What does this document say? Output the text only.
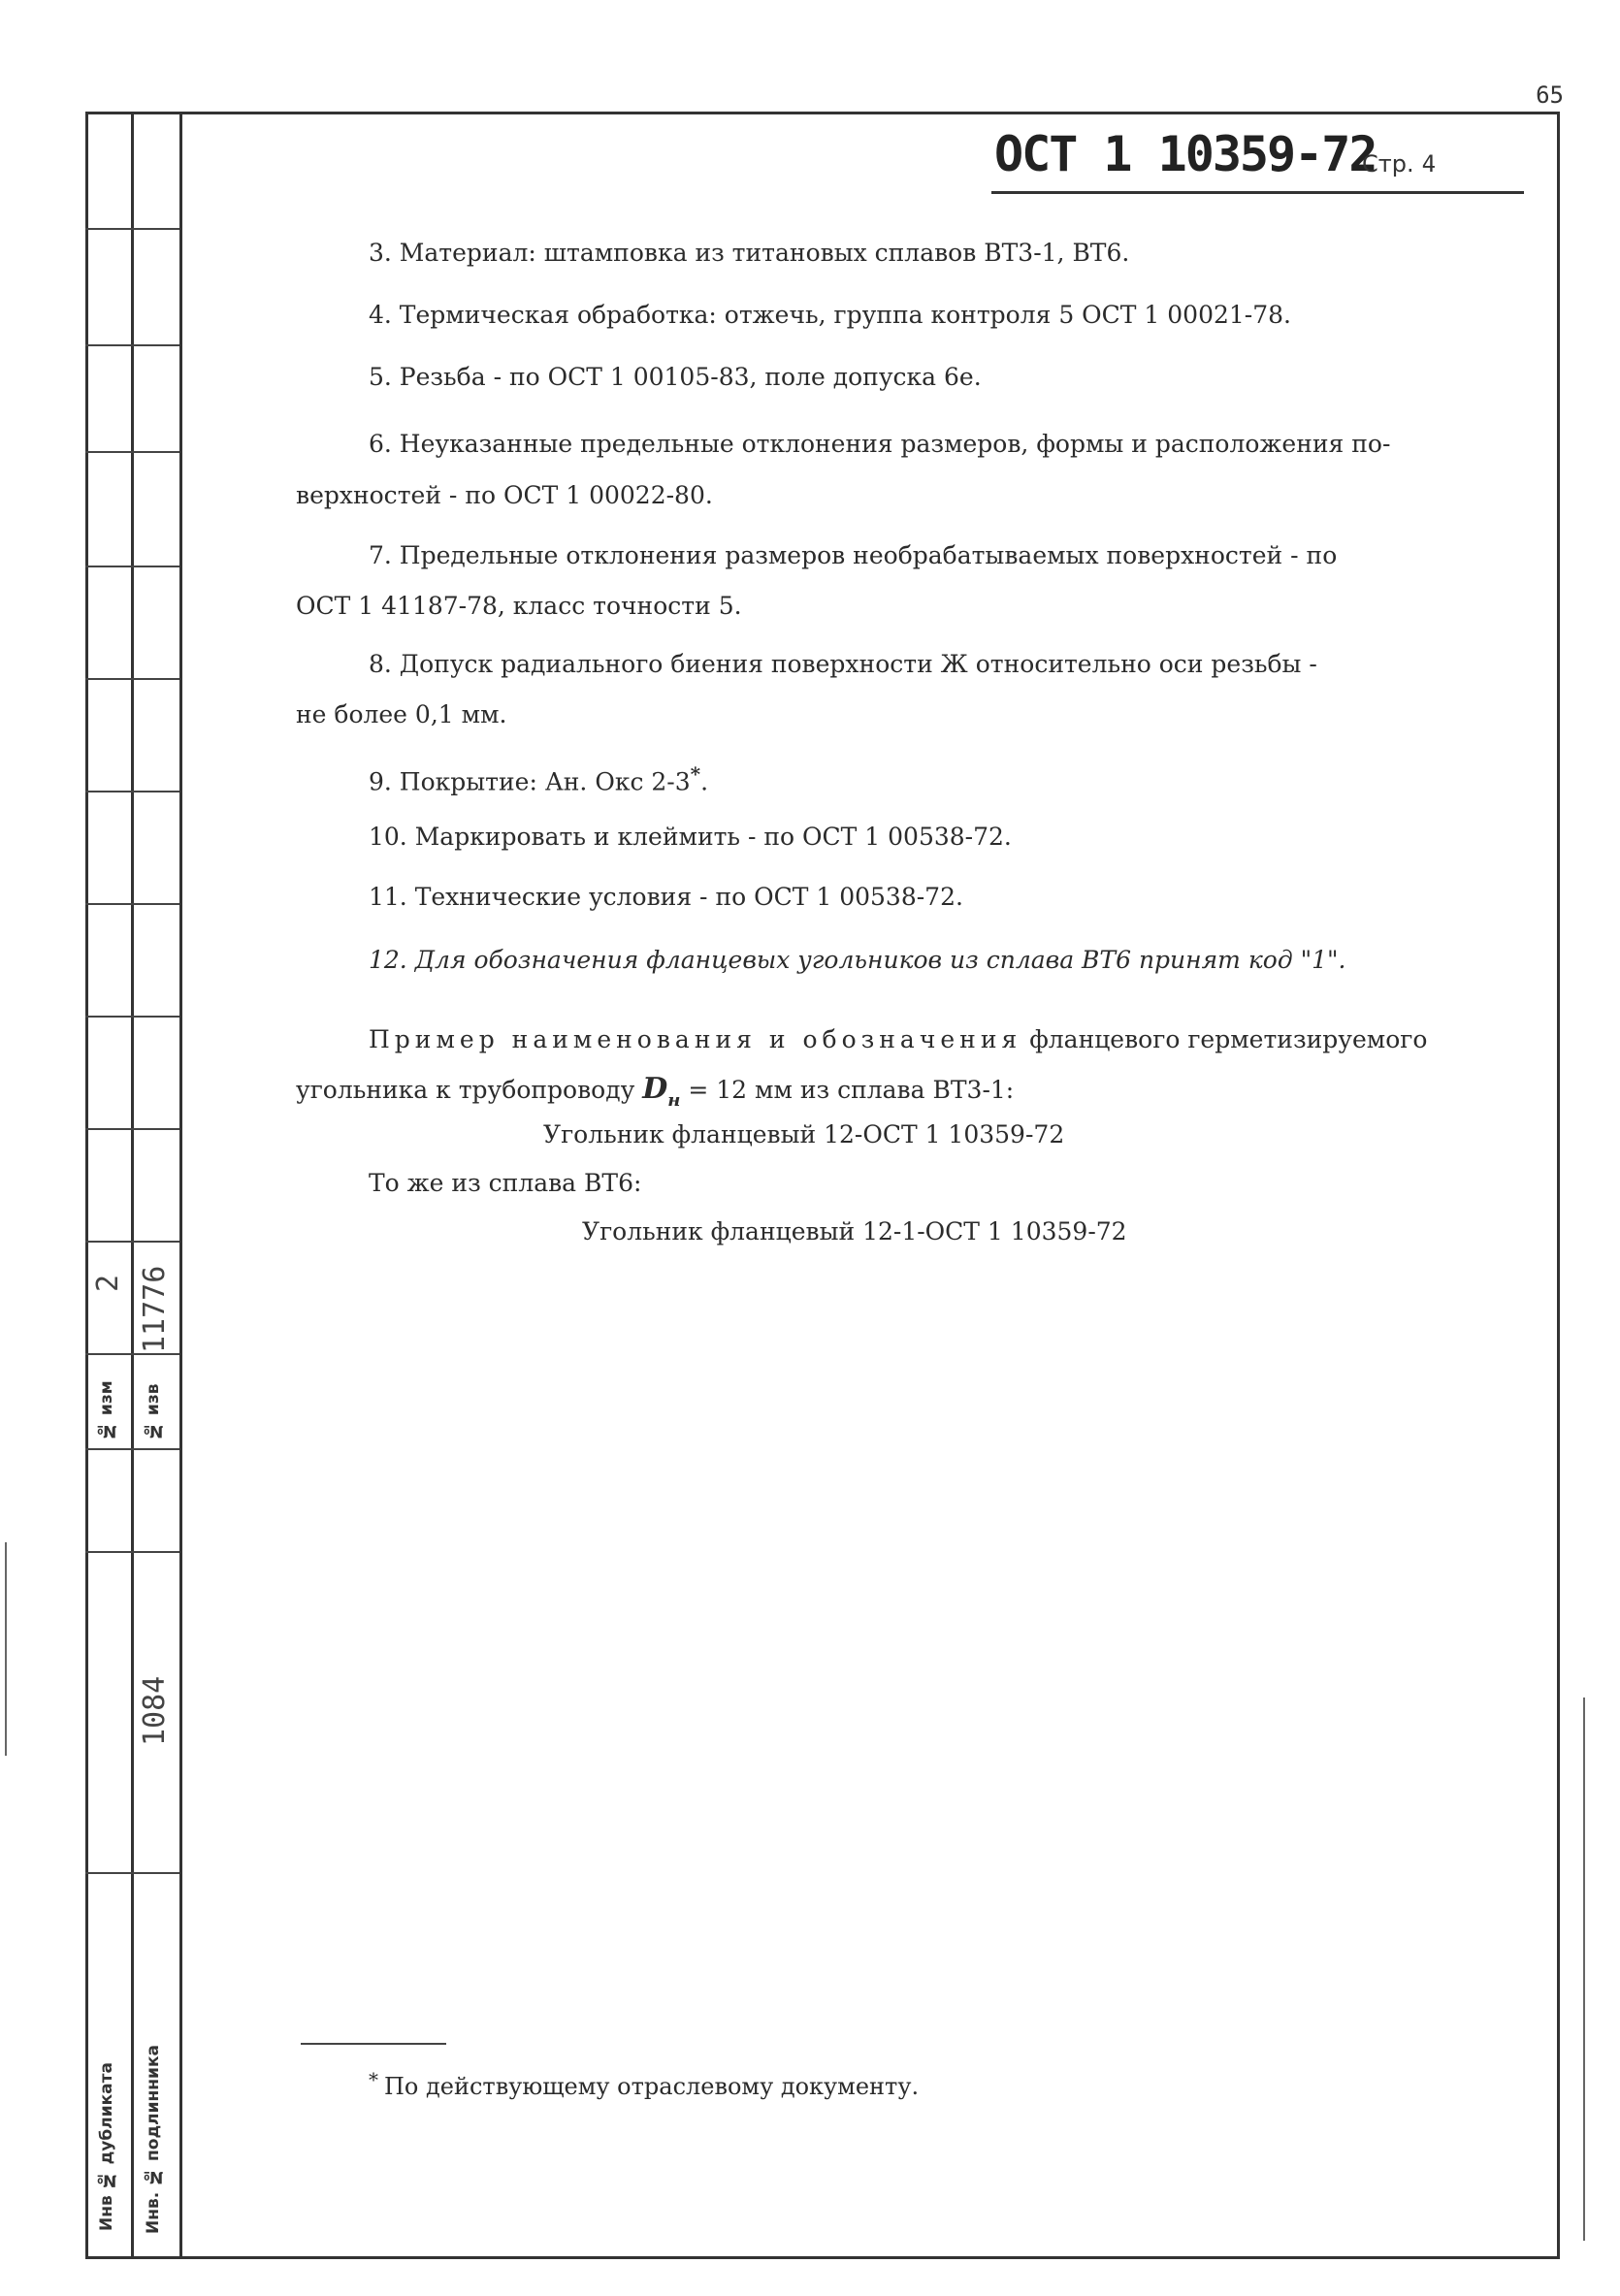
65
2
№ изм
11776
№ изв
1084
Инв № дубликата Инв. № подлинника
ОСТ 1 10359-72
Стр. 4
3. Материал: штамповка из титановых сплавов ВТ3-1, ВТ6.
4. Термическая обработка: отжечь, группа контроля 5 ОСТ 1 00021-78.
5. Резьба - по ОСТ 1 00105-83, поле допуска 6е.
6. Неуказанные предельные отклонения размеров, формы и расположения по-
верхностей - по ОСТ 1 00022-80.
7. Предельные отклонения размеров необрабатываемых поверхностей - по
ОСТ 1 41187-78, класс точности 5.
8. Допуск радиального биения поверхности Ж относительно оси резьбы -
не более 0,1 мм.
9. Покрытие: Ан. Окс 2-3*.
10. Маркировать и клеймить - по ОСТ 1 00538-72.
11. Технические условия - по ОСТ 1 00538-72.
12. Для обозначения фланцевых угольников из сплава ВТ6 принят код "1".
Пример наименования и обозначения фланцевого герметизируемого
угольника к трубопроводу $D_н = 12$ мм из сплава ВТ3-1:
Угольник фланцевый 12-ОСТ 1 10359-72
То же из сплава ВТ6:
Угольник фланцевый 12-1-ОСТ 1 10359-72
* По действующему отраслевому документу.
